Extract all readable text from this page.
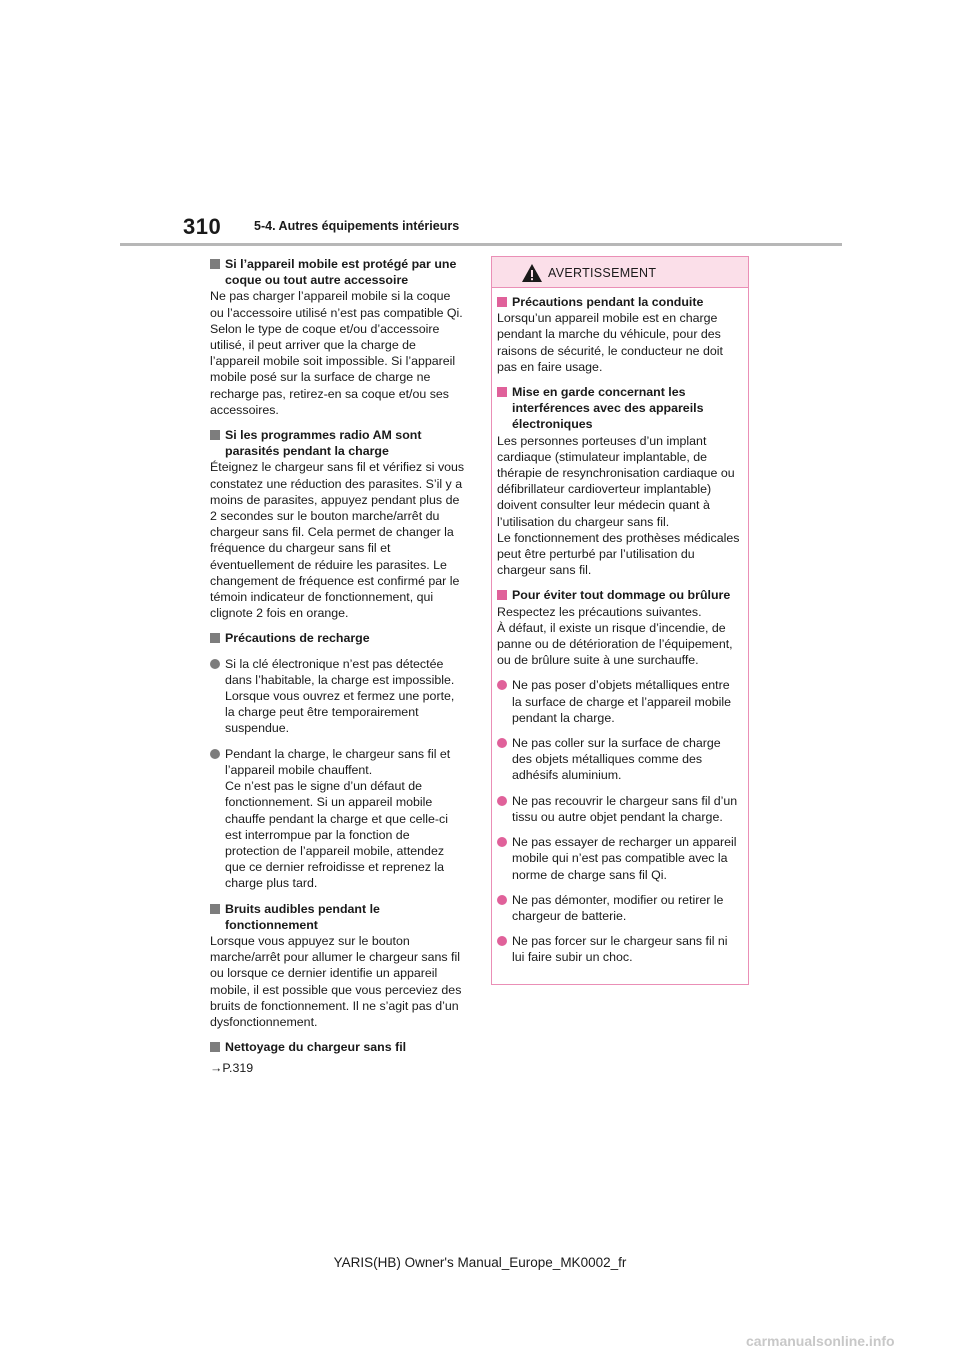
310	5-4. Autres équipements intérieurs
Si l’appareil mobile est protégé par une coque ou tout autre accessoire

Ne pas charger l’appareil mobile si la coque ou l’accessoire utilisé n’est pas compatible Qi. Selon le type de coque et/ou d’accessoire utilisé, il peut arriver que la charge de l’appareil mobile soit impossible. Si l’appareil mobile posé sur la surface de charge ne recharge pas, retirez-en sa coque et/ou ses accessoires.

Si les programmes radio AM sont parasités pendant la charge

Éteignez le chargeur sans fil et vérifiez si vous constatez une réduction des parasites. S’il y a moins de parasites, appuyez pendant plus de 2 secondes sur le bouton marche/arrêt du chargeur sans fil. Cela permet de changer la fréquence du chargeur sans fil et éventuellement de réduire les parasites. Le changement de fréquence est confirmé par le témoin indicateur de fonctionnement, qui clignote 2 fois en orange.

Précautions de recharge
Si la clé électronique n’est pas détectée dans l’habitable, la charge est impossible. Lorsque vous ouvrez et fermez une porte, la charge peut être temporairement suspendue.
Pendant la charge, le chargeur sans fil et l’appareil mobile chauffent.
Ce n’est pas le signe d’un défaut de fonctionnement. Si un appareil mobile chauffe pendant la charge et que celle-ci est interrompue par la fonction de protection de l’appareil mobile, attendez que ce dernier refroidisse et reprenez la charge plus tard.
Bruits audibles pendant le fonctionnement

Lorsque vous appuyez sur le bouton marche/arrêt pour allumer le chargeur sans fil ou lorsque ce dernier identifie un appareil mobile, il est possible que vous perceviez des bruits de fonctionnement. Il ne s’agit pas d’un dysfonctionnement.

Nettoyage du chargeur sans fil

→P.319

AVERTISSEMENT
Précautions pendant la conduite

Lorsqu’un appareil mobile est en charge pendant la marche du véhicule, pour des raisons de sécurité, le conducteur ne doit pas en faire usage.

Mise en garde concernant les interférences avec des appareils électroniques

Les personnes porteuses d’un implant cardiaque (stimulateur implantable, de thérapie de resynchronisation cardiaque ou défibrillateur cardioverteur implantable) doivent consulter leur médecin quant à l’utilisation du chargeur sans fil.

Le fonctionnement des prothèses médicales peut être perturbé par l’utilisation du chargeur sans fil.

Pour éviter tout dommage ou brûlure

Respectez les précautions suivantes.

À défaut, il existe un risque d’incendie, de panne ou de détérioration de l’équipement, ou de brûlure suite à une surchauffe.

Ne pas poser d’objets métalliques entre la surface de charge et l’appareil mobile pendant la charge.
Ne pas coller sur la surface de charge des objets métalliques comme des adhésifs aluminium.
Ne pas recouvrir le chargeur sans fil d’un tissu ou autre objet pendant la charge.
Ne pas essayer de recharger un appareil mobile qui n’est pas compatible avec la norme de charge sans fil Qi.
Ne pas démonter, modifier ou retirer le chargeur de batterie.
Ne pas forcer sur le chargeur sans fil ni lui faire subir un choc.
YARIS(HB) Owner's Manual_Europe_MK0002_fr
carmanualsonline.info
